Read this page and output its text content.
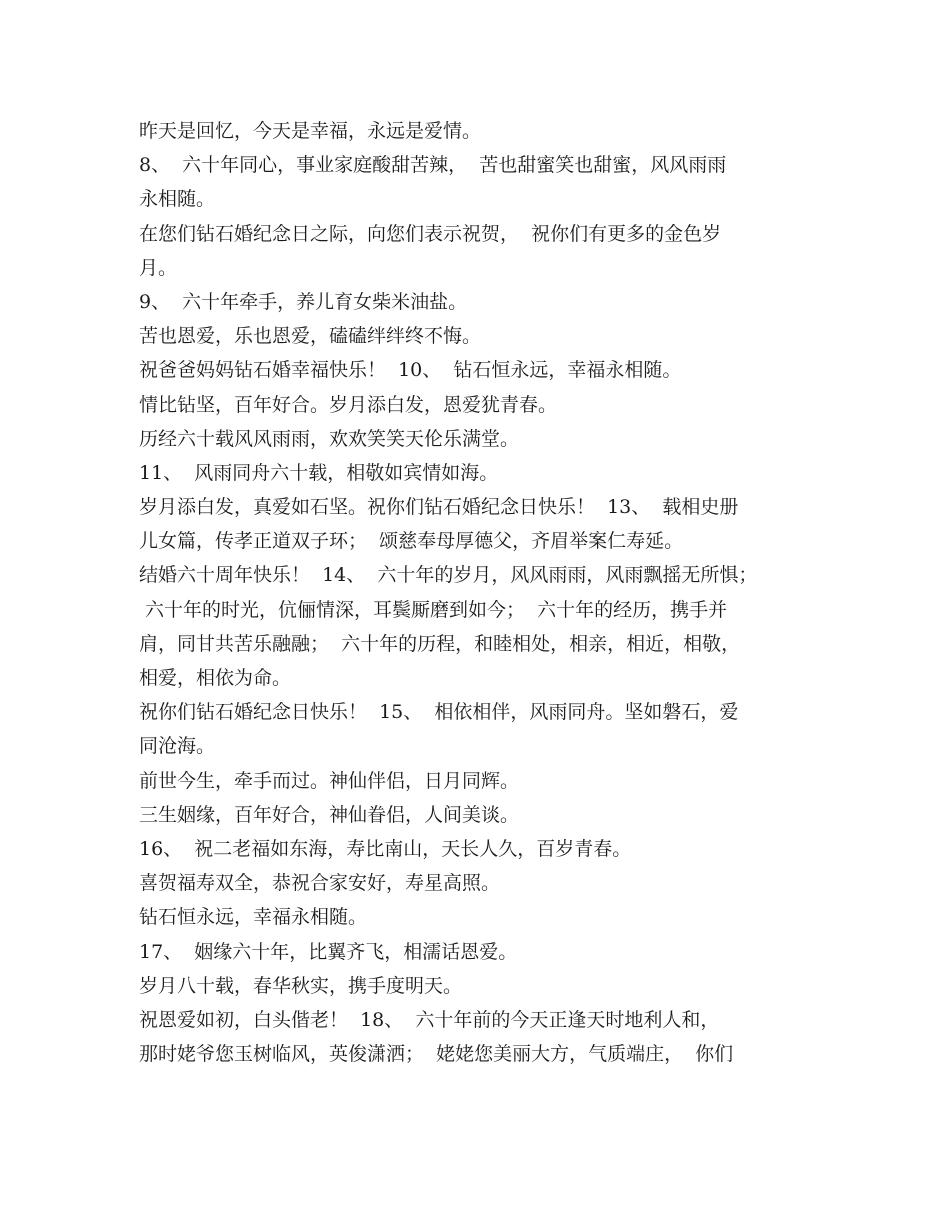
昨天是回忆，今天是幸福，永远是爱情。
8、  六十年同心，事业家庭酸甜苦辣，  苦也甜蜜笑也甜蜜，风风雨雨
永相随。
在您们钻石婚纪念日之际，向您们表示祝贺，  祝你们有更多的金色岁
月。
9、  六十年牵手，养儿育女柴米油盐。
苦也恩爱，乐也恩爱，磕磕绊绊终不悔。
祝爸爸妈妈钻石婚幸福快乐！  10、  钻石恒永远，幸福永相随。
情比钻坚，百年好合。岁月添白发，恩爱犹青春。
历经六十载风风雨雨，欢欢笑笑天伦乐满堂。
11、  风雨同舟六十载，相敬如宾情如海。
岁月添白发，真爱如石坚。祝你们钻石婚纪念日快乐！  13、  载相史册
儿女篇，传孝正道双子环；  颂慈奉母厚德父，齐眉举案仁寿延。
结婚六十周年快乐！  14、  六十年的岁月，风风雨雨，风雨飘摇无所惧；
六十年的时光，伉俪情深，耳鬓厮磨到如今；  六十年的经历，携手并
肩，同甘共苦乐融融；  六十年的历程，和睦相处，相亲，相近，相敬，
相爱，相依为命。
祝你们钻石婚纪念日快乐！  15、  相依相伴，风雨同舟。坚如磐石，爱
同沧海。
前世今生，牵手而过。神仙伴侣，日月同辉。
三生姻缘，百年好合，神仙眷侣，人间美谈。
16、  祝二老福如东海，寿比南山，天长人久，百岁青春。
喜贺福寿双全，恭祝合家安好，寿星高照。
钻石恒永远，幸福永相随。
17、  姻缘六十年，比翼齐飞，相濡话恩爱。
岁月八十载，春华秋实，携手度明天。
祝恩爱如初，白头偕老！  18、  六十年前的今天正逢天时地利人和，
那时姥爷您玉树临风，英俊潇洒；  姥姥您美丽大方，气质端庄，  你们
